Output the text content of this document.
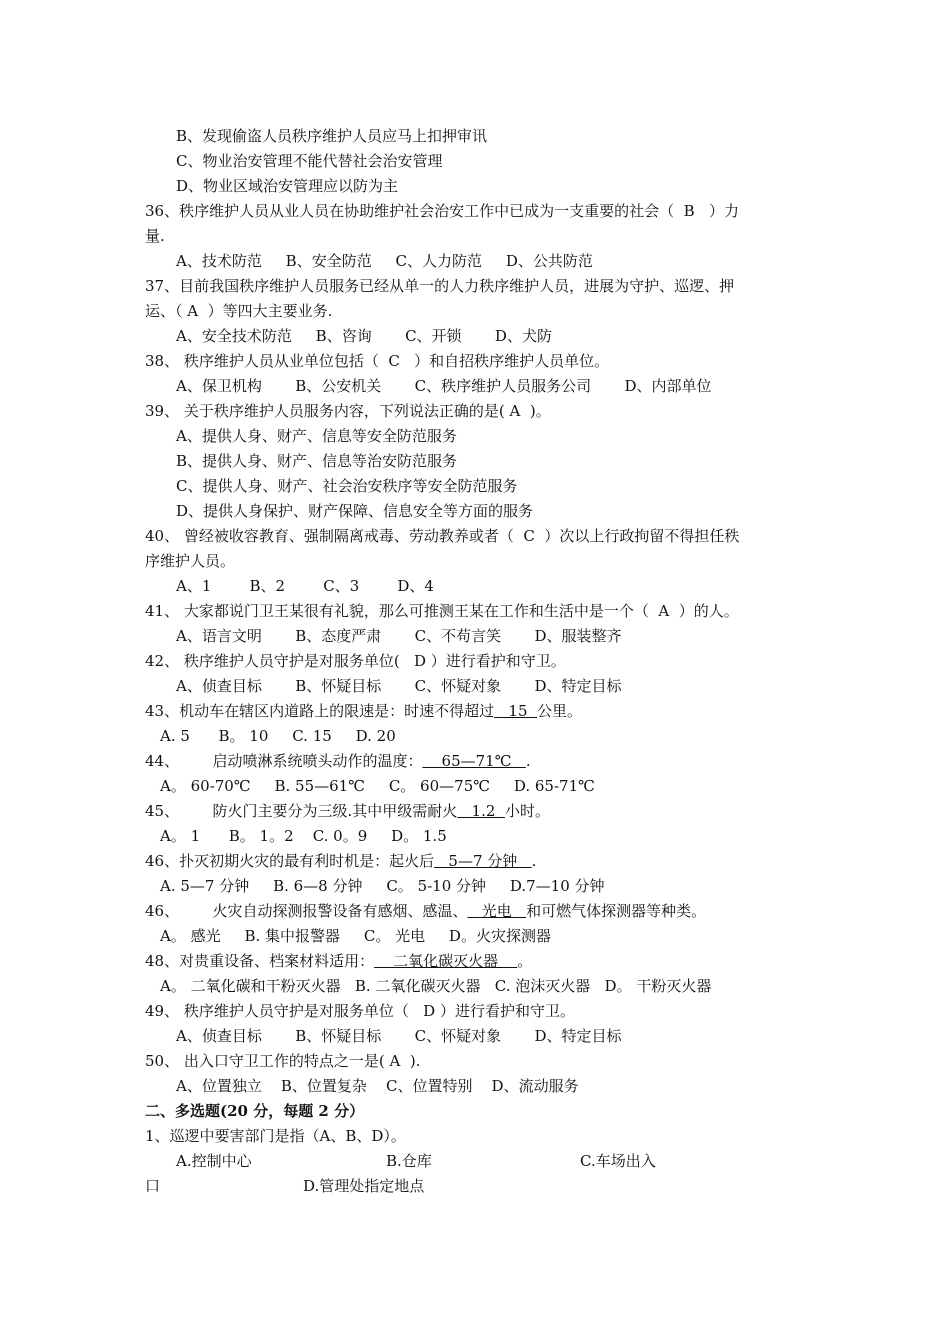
B、发现偷盗人员秩序维护人员应马上扣押审讯
C、物业治安管理不能代替社会治安管理
D、物业区域治安管理应以防为主
36、秩序维护人员从业人员在协助维护社会治安工作中已成为一支重要的社会（  B   ）力
量.
A、技术防范     B、安全防范     C、人力防范     D、公共防范
37、目前我国秩序维护人员服务已经从单一的人力秩序维护人员，进展为守护、巡逻、押
运、（ A  ）等四大主要业务.
A、安全技术防范     B、咨询       C、开锁       D、犬防
38、 秩序维护人员从业单位包括（  C   ）和自招秩序维护人员单位。
A、保卫机构       B、公安机关       C、秩序维护人员服务公司       D、内部单位
39、 关于秩序维护人员服务内容，下列说法正确的是( A  )。
A、提供人身、财产、信息等安全防范服务
B、提供人身、财产、信息等治安防范服务
C、提供人身、财产、社会治安秩序等安全防范服务
D、提供人身保护、财产保障、信息安全等方面的服务
40、 曾经被收容教育、强制隔离戒毒、劳动教养或者（  C  ）次以上行政拘留不得担任秩
序维护人员。
A、1        B、2        C、3        D、4
41、 大家都说门卫王某很有礼貌，那么可推测王某在工作和生活中是一个（  A  ）的人。
A、语言文明       B、态度严肃       C、不苟言笑       D、服装整齐
42、 秩序维护人员守护是对服务单位(   D ）进行看护和守卫。
A、侦查目标       B、怀疑目标       C、怀疑对象       D、特定目标
43、机动车在辖区内道路上的限速是：时速不得超过   15  公里。
A. 5      B。 10     C. 15     D. 20
44、       启动喷淋系统喷头动作的温度：    65—71℃   .
A。 60-70℃     B. 55—61℃     C。 60—75℃     D. 65-71℃
45、       防火门主要分为三级.其中甲级需耐火   1.2  小时。
A。 1      B。 1。2    C. 0。9     D。 1.5
46、扑灭初期火灾的最有利时机是：起火后   5—7 分钟   .
A. 5—7 分钟     B. 6—8 分钟     C。 5-10 分钟     D.7—10 分钟
46、       火灾自动探测报警设备有感烟、感温、   光电   和可燃气体探测器等种类。
A。 感光     B. 集中报警器     C。 光电     D。火灾探测器
48、对贵重设备、档案材料适用：    二氧化碳灭火器    。
A。 二氧化碳和干粉灭火器   B. 二氧化碳灭火器   C. 泡沫灭火器   D。 干粉灭火器
49、 秩序维护人员守护是对服务单位（   D ）进行看护和守卫。
A、侦查目标       B、怀疑目标       C、怀疑对象       D、特定目标
50、 出入口守卫工作的特点之一是( A  ).
A、位置独立    B、位置复杂    C、位置特别    D、流动服务
二、多选题(20 分，每题 2 分）
1、巡逻中要害部门是指（A、B、D）。
A.控制中心	B.仓库	C.车场出入
口	D.管理处指定地点
